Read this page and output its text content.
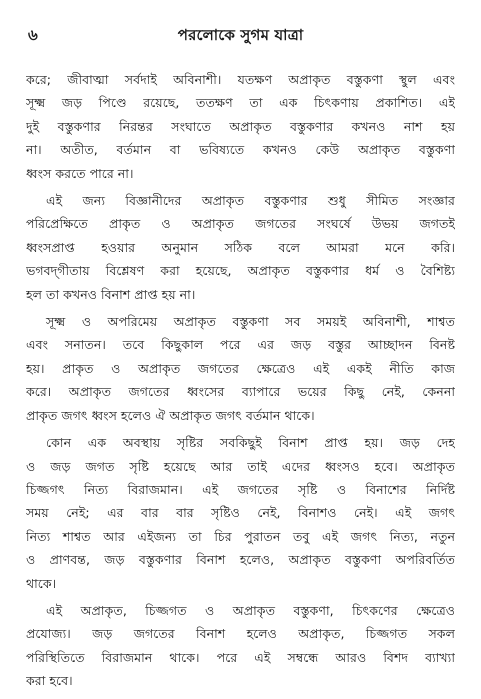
৬	পরলোকে সুগম যাত্রা

করে; জীবাত্মা সর্বদাই অবিনাশী। যতক্ষণ অপ্রাকৃত বস্তুকণা স্থুল এবং
সূক্ষ্ম জড় পিণ্ডে রয়েছে, ততক্ষণ তা এক চিৎকণায় প্রকাশিত। এই
দুই বস্তুকণার নিরন্তর সংঘাতে অপ্রাকৃত বস্তুকণার কখনও নাশ হয়
না। অতীত, বর্তমান বা ভবিষ্যতে কখনও কেউ অপ্রাকৃত বস্তুকণা
ধ্বংস করতে পারে না।

এই জন্য বিজ্ঞানীদের অপ্রাকৃত বস্তুকণার শুধু সীমিত সংজ্ঞার
পরিপ্রেক্ষিতে প্রাকৃত ও অপ্রাকৃত জগতের সংঘর্ষে উভয় জগতই
ধ্বংসপ্রাপ্ত হওয়ার অনুমান সঠিক বলে আমরা মনে করি।
ভগবদ্‌গীতায় বিশ্লেষণ করা হয়েছে, অপ্রাকৃত বস্তুকণার ধর্ম ও বৈশিষ্ট্য
হল তা কখনও বিনাশ প্রাপ্ত হয় না।

সূক্ষ্ম ও অপরিমেয় অপ্রাকৃত বস্তুকণা সব সময়ই অবিনাশী, শাশ্বত
এবং সনাতন। তবে কিছুকাল পরে এর জড় বস্তুর আচ্ছাদন বিনষ্ট
হয়। প্রাকৃত ও অপ্রাকৃত জগতের ক্ষেত্রেও এই একই নীতি কাজ
করে। অপ্রাকৃত জগতের ধ্বংসের ব্যাপারে ভয়ের কিছু নেই, কেননা
প্রাকৃত জগৎ ধ্বংস হলেও ঐ অপ্রাকৃত জগৎ বর্তমান থাকে।

কোন এক অবস্থায় সৃষ্টির সবকিছুই বিনাশ প্রাপ্ত হয়। জড় দেহ
ও জড় জগত সৃষ্টি হয়েছে আর তাই এদের ধ্বংসও হবে। অপ্রাকৃত
চিজ্জগৎ নিত্য বিরাজমান। এই জগতের সৃষ্টি ও বিনাশের নির্দিষ্ট
সময় নেই; এর বার বার সৃষ্টিও নেই, বিনাশও নেই। এই জগৎ
নিত্য শাশ্বত আর এইজন্য তা চির পুরাতন তবু এই জগৎ নিত্য, নতুন
ও প্রাণবন্ত, জড় বস্তুকণার বিনাশ হলেও, অপ্রাকৃত বস্তুকণা অপরিবর্তিত
থাকে।

এই অপ্রাকৃত, চিজ্জগত ও অপ্রাকৃত বস্তুকণা, চিৎকণের ক্ষেত্রেও
প্রযোজ্য। জড় জগতের বিনাশ হলেও অপ্রাকৃত, চিজ্জগত সকল
পরিস্থিতিতে বিরাজমান থাকে। পরে এই সম্বন্ধে আরও বিশদ ব্যাখ্যা
করা হবে।
